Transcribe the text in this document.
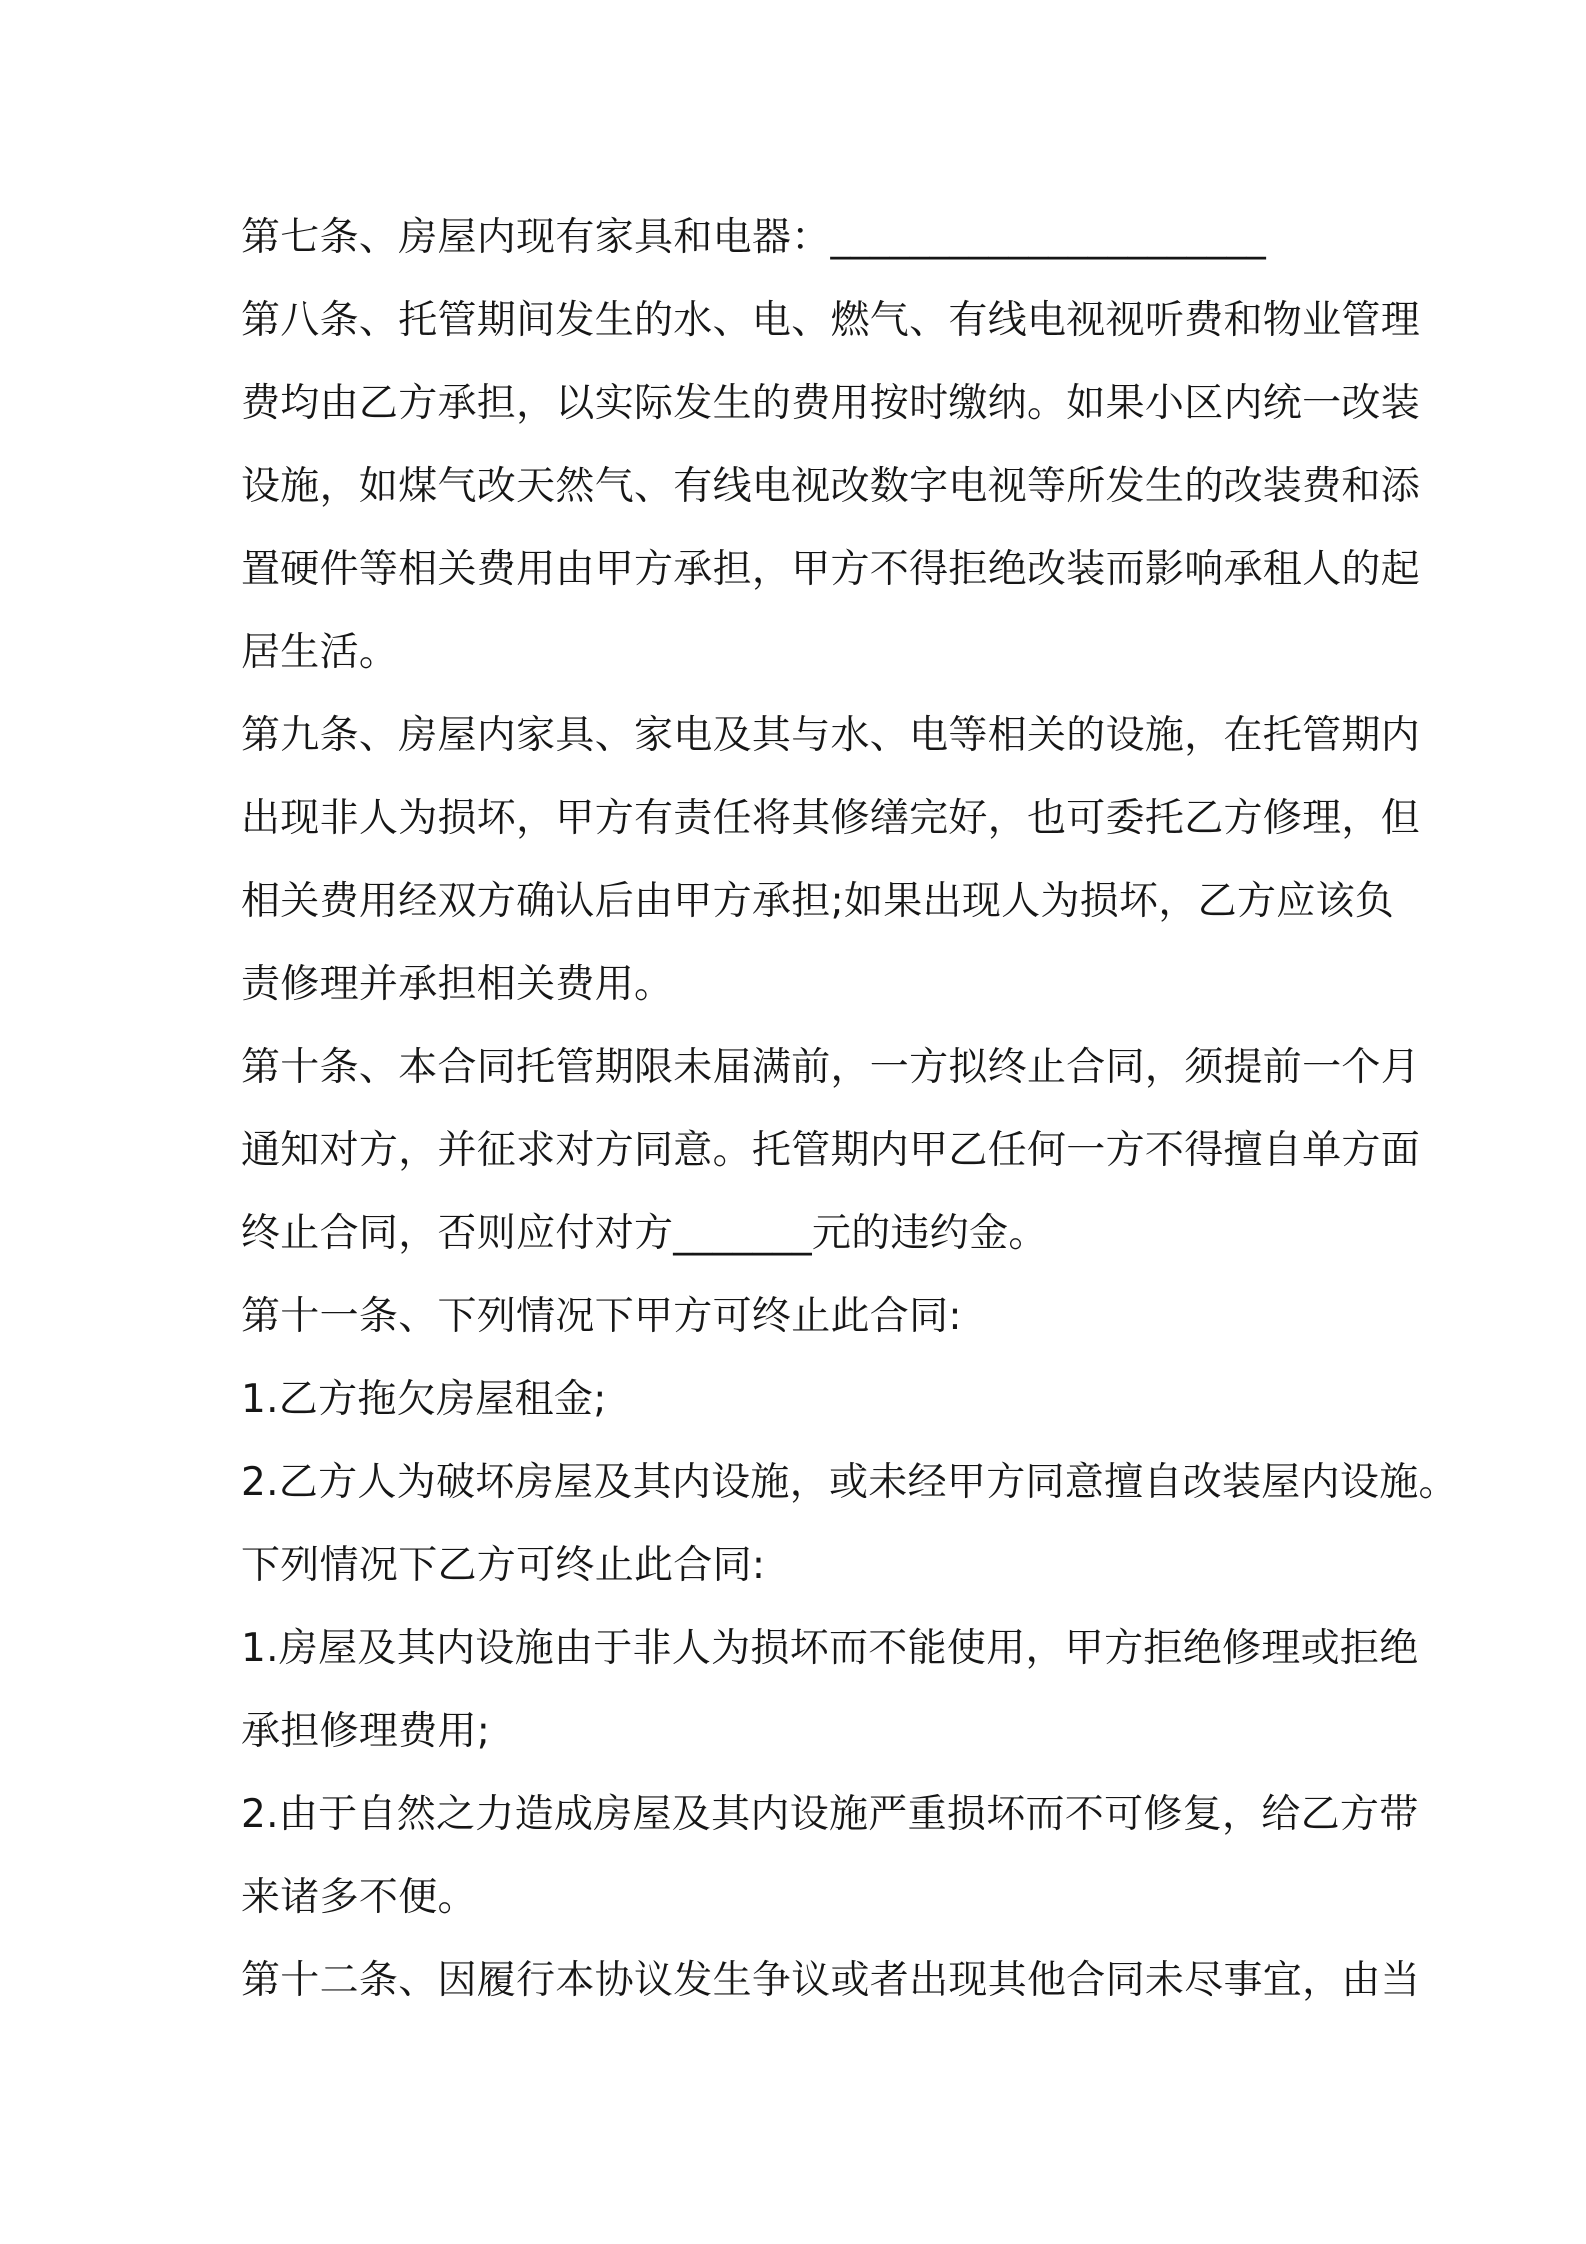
第七条、房屋内现有家具和电器：______________________
第八条、托管期间发生的水、电、燃气、有线电视视听费和物业管理
费均由乙方承担，以实际发生的费用按时缴纳。如果小区内统一改装
设施，如煤气改天然气、有线电视改数字电视等所发生的改装费和添
置硬件等相关费用由甲方承担，甲方不得拒绝改装而影响承租人的起
居生活。
第九条、房屋内家具、家电及其与水、电等相关的设施，在托管期内
出现非人为损坏，甲方有责任将其修缮完好，也可委托乙方修理，但
相关费用经双方确认后由甲方承担;如果出现人为损坏，乙方应该负
责修理并承担相关费用。
第十条、本合同托管期限未届满前，一方拟终止合同，须提前一个月
通知对方，并征求对方同意。托管期内甲乙任何一方不得擅自单方面
终止合同，否则应付对方_______元的违约金。
第十一条、下列情况下甲方可终止此合同:
1.乙方拖欠房屋租金;
2.乙方人为破坏房屋及其内设施，或未经甲方同意擅自改装屋内设施。
下列情况下乙方可终止此合同:
1.房屋及其内设施由于非人为损坏而不能使用，甲方拒绝修理或拒绝
承担修理费用;
2.由于自然之力造成房屋及其内设施严重损坏而不可修复，给乙方带
来诸多不便。
第十二条、因履行本协议发生争议或者出现其他合同未尽事宜，由当
